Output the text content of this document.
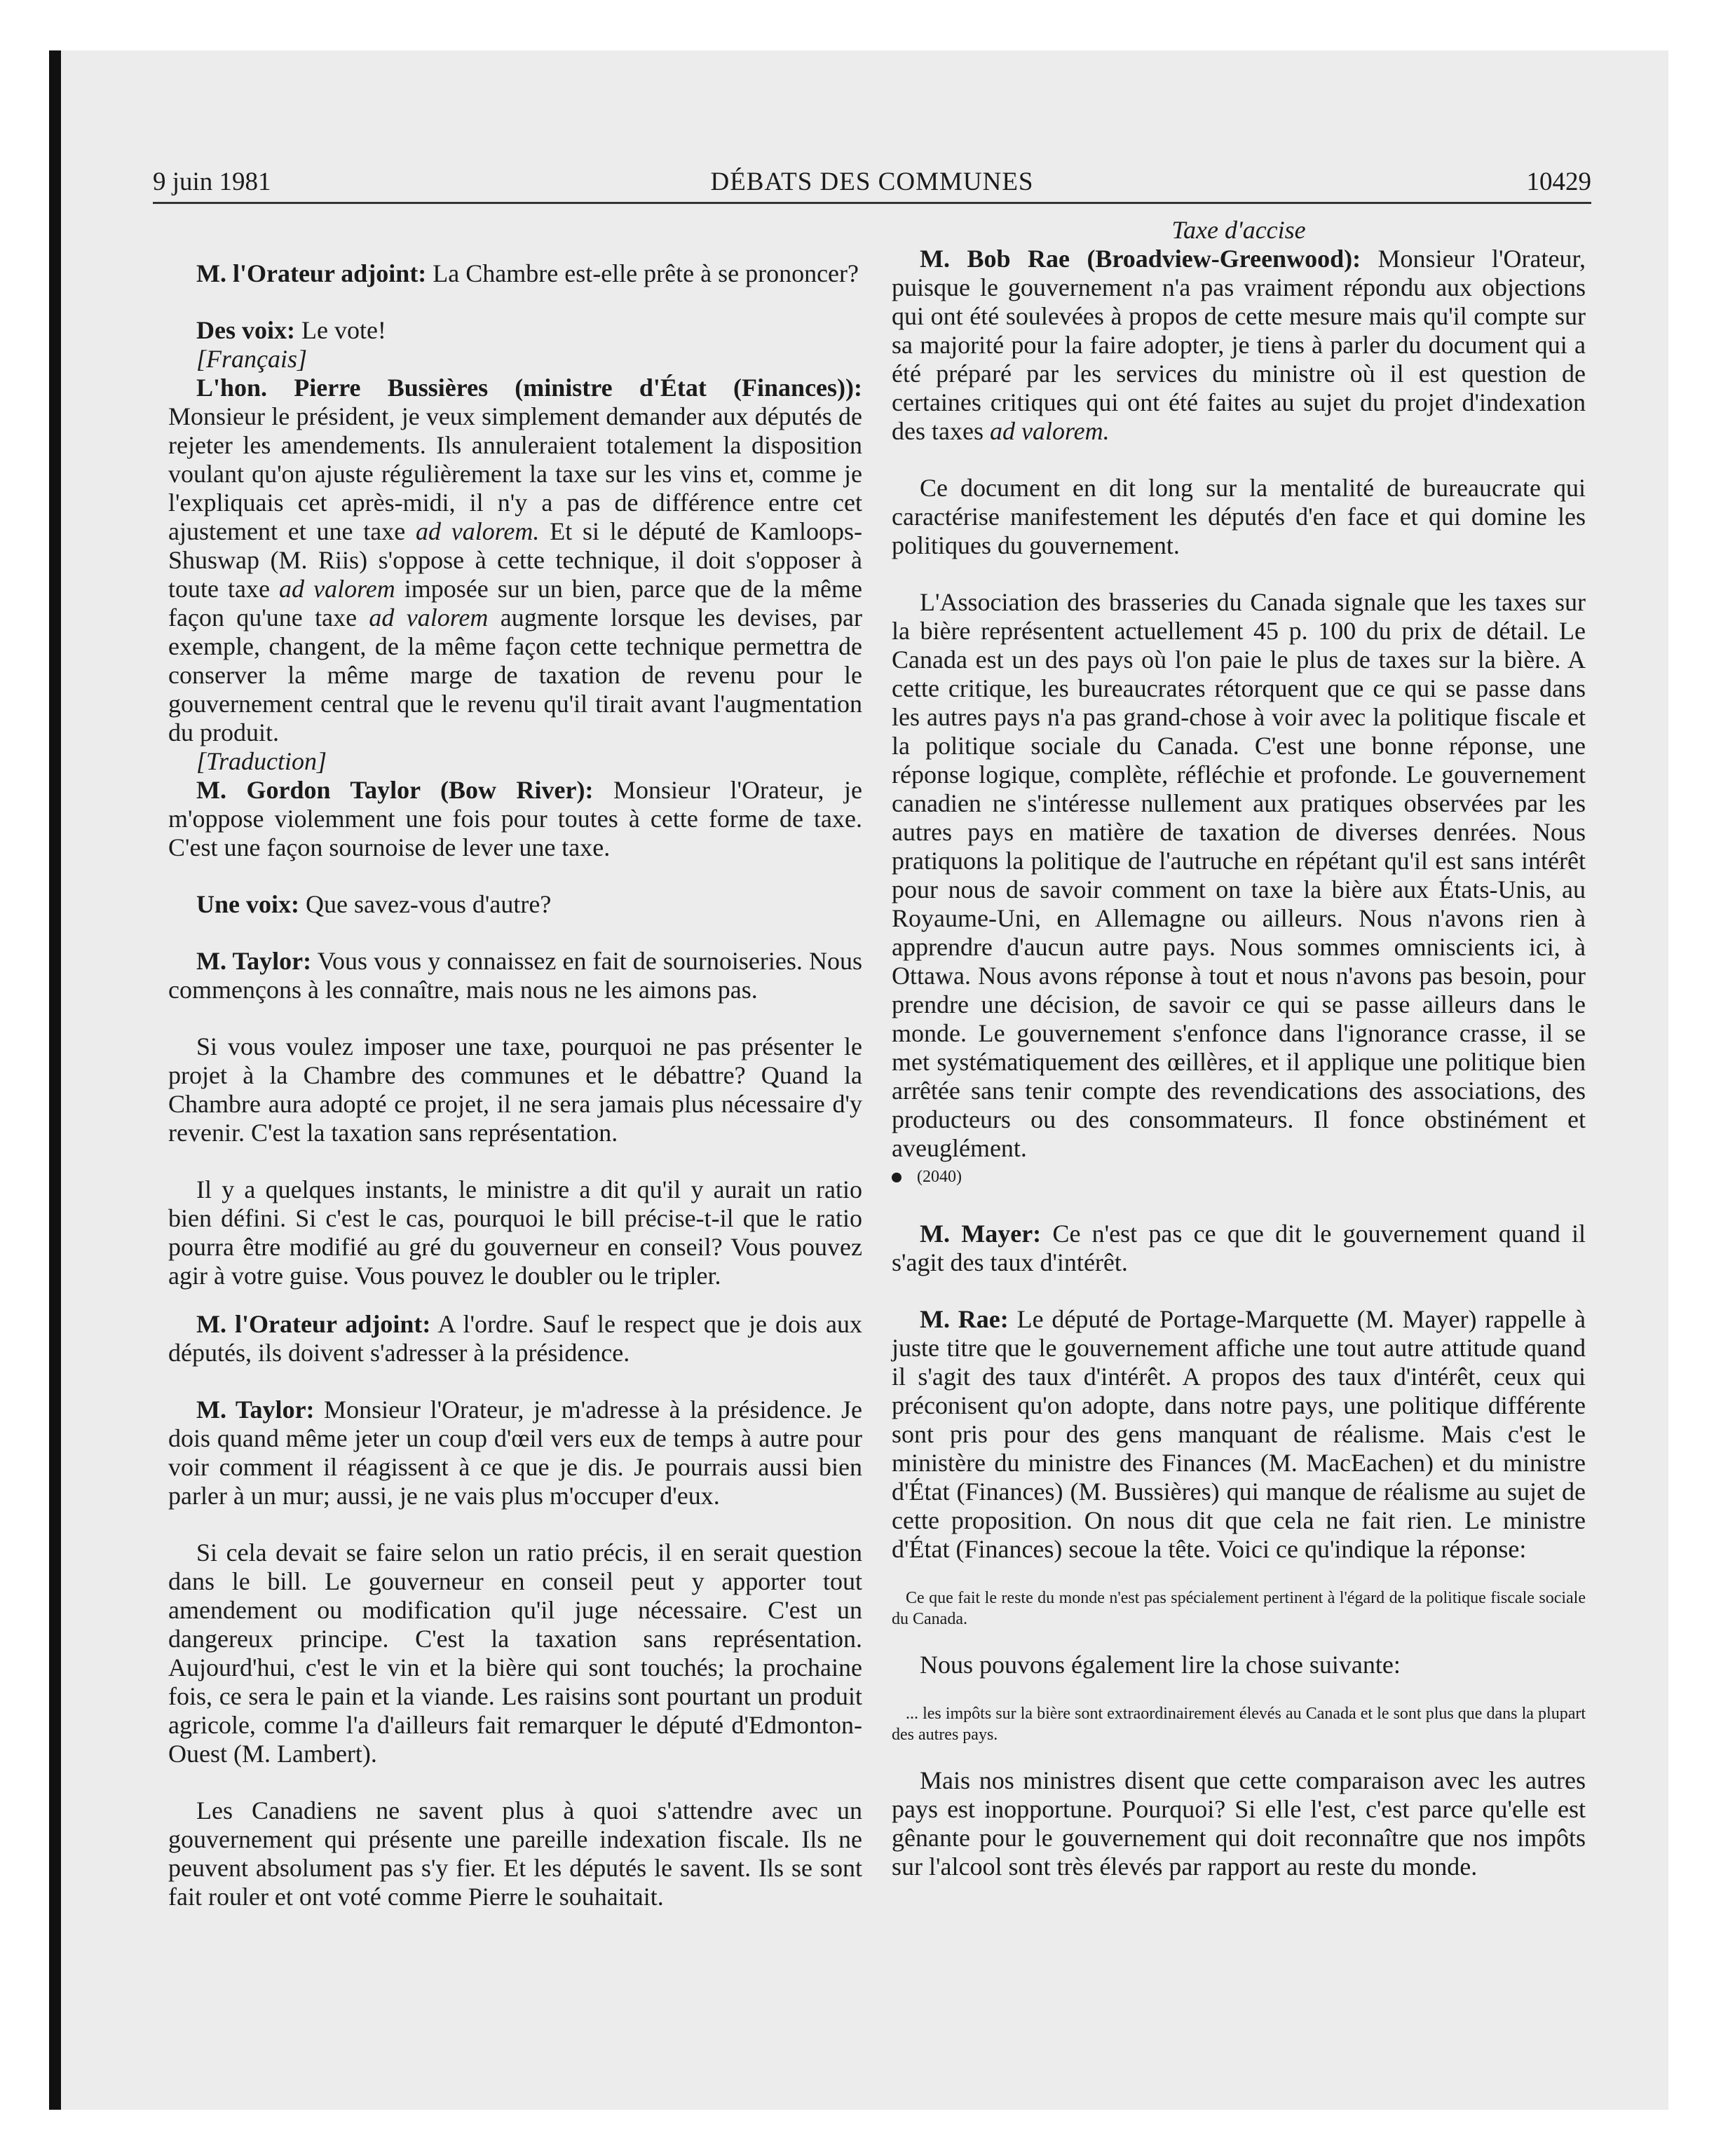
9 juin 1981	DÉBATS DES COMMUNES	10429

M. l'Orateur adjoint: La Chambre est-elle prête à se prononcer?

Des voix: Le vote!

[Français]

L'hon. Pierre Bussières (ministre d'État (Finances)): Monsieur le président, je veux simplement demander aux députés de rejeter les amendements. Ils annuleraient totalement la disposition voulant qu'on ajuste régulièrement la taxe sur les vins et, comme je l'expliquais cet après-midi, il n'y a pas de différence entre cet ajustement et une taxe ad valorem. Et si le député de Kamloops-Shuswap (M. Riis) s'oppose à cette technique, il doit s'opposer à toute taxe ad valorem imposée sur un bien, parce que de la même façon qu'une taxe ad valorem augmente lorsque les devises, par exemple, changent, de la même façon cette technique permettra de conserver la même marge de taxation de revenu pour le gouvernement central que le revenu qu'il tirait avant l'augmentation du produit.

[Traduction]

M. Gordon Taylor (Bow River): Monsieur l'Orateur, je m'oppose violemment une fois pour toutes à cette forme de taxe. C'est une façon sournoise de lever une taxe.

Une voix: Que savez-vous d'autre?

M. Taylor: Vous vous y connaissez en fait de sournoiseries. Nous commençons à les connaître, mais nous ne les aimons pas.

Si vous voulez imposer une taxe, pourquoi ne pas présenter le projet à la Chambre des communes et le débattre? Quand la Chambre aura adopté ce projet, il ne sera jamais plus nécessaire d'y revenir. C'est la taxation sans représentation.

Il y a quelques instants, le ministre a dit qu'il y aurait un ratio bien défini. Si c'est le cas, pourquoi le bill précise-t-il que le ratio pourra être modifié au gré du gouverneur en conseil? Vous pouvez agir à votre guise. Vous pouvez le doubler ou le tripler.

M. l'Orateur adjoint: A l'ordre. Sauf le respect que je dois aux députés, ils doivent s'adresser à la présidence.

M. Taylor: Monsieur l'Orateur, je m'adresse à la présidence. Je dois quand même jeter un coup d'œil vers eux de temps à autre pour voir comment il réagissent à ce que je dis. Je pourrais aussi bien parler à un mur; aussi, je ne vais plus m'occuper d'eux.

Si cela devait se faire selon un ratio précis, il en serait question dans le bill. Le gouverneur en conseil peut y apporter tout amendement ou modification qu'il juge nécessaire. C'est un dangereux principe. C'est la taxation sans représentation. Aujourd'hui, c'est le vin et la bière qui sont touchés; la prochaine fois, ce sera le pain et la viande. Les raisins sont pourtant un produit agricole, comme l'a d'ailleurs fait remarquer le député d'Edmonton-Ouest (M. Lambert).

Les Canadiens ne savent plus à quoi s'attendre avec un gouvernement qui présente une pareille indexation fiscale. Ils ne peuvent absolument pas s'y fier. Et les députés le savent. Ils se sont fait rouler et ont voté comme Pierre le souhaitait.

Taxe d'accise

M. Bob Rae (Broadview-Greenwood): Monsieur l'Orateur, puisque le gouvernement n'a pas vraiment répondu aux objections qui ont été soulevées à propos de cette mesure mais qu'il compte sur sa majorité pour la faire adopter, je tiens à parler du document qui a été préparé par les services du ministre où il est question de certaines critiques qui ont été faites au sujet du projet d'indexation des taxes ad valorem.

Ce document en dit long sur la mentalité de bureaucrate qui caractérise manifestement les députés d'en face et qui domine les politiques du gouvernement.

L'Association des brasseries du Canada signale que les taxes sur la bière représentent actuellement 45 p. 100 du prix de détail. Le Canada est un des pays où l'on paie le plus de taxes sur la bière. A cette critique, les bureaucrates rétorquent que ce qui se passe dans les autres pays n'a pas grand-chose à voir avec la politique fiscale et la politique sociale du Canada. C'est une bonne réponse, une réponse logique, complète, réfléchie et profonde. Le gouvernement canadien ne s'intéresse nullement aux pratiques observées par les autres pays en matière de taxation de diverses denrées. Nous pratiquons la politique de l'autruche en répétant qu'il est sans intérêt pour nous de savoir comment on taxe la bière aux États-Unis, au Royaume-Uni, en Allemagne ou ailleurs. Nous n'avons rien à apprendre d'aucun autre pays. Nous sommes omniscients ici, à Ottawa. Nous avons réponse à tout et nous n'avons pas besoin, pour prendre une décision, de savoir ce qui se passe ailleurs dans le monde. Le gouvernement s'enfonce dans l'ignorance crasse, il se met systématiquement des œillères, et il applique une politique bien arrêtée sans tenir compte des revendications des associations, des producteurs ou des consommateurs. Il fonce obstinément et aveuglément.

(2040)

M. Mayer: Ce n'est pas ce que dit le gouvernement quand il s'agit des taux d'intérêt.

M. Rae: Le député de Portage-Marquette (M. Mayer) rappelle à juste titre que le gouvernement affiche une tout autre attitude quand il s'agit des taux d'intérêt. A propos des taux d'intérêt, ceux qui préconisent qu'on adopte, dans notre pays, une politique différente sont pris pour des gens manquant de réalisme. Mais c'est le ministère du ministre des Finances (M. MacEachen) et du ministre d'État (Finances) (M. Bussières) qui manque de réalisme au sujet de cette proposition. On nous dit que cela ne fait rien. Le ministre d'État (Finances) secoue la tête. Voici ce qu'indique la réponse:

Ce que fait le reste du monde n'est pas spécialement pertinent à l'égard de la politique fiscale sociale du Canada.

Nous pouvons également lire la chose suivante:

... les impôts sur la bière sont extraordinairement élevés au Canada et le sont plus que dans la plupart des autres pays.

Mais nos ministres disent que cette comparaison avec les autres pays est inopportune. Pourquoi? Si elle l'est, c'est parce qu'elle est gênante pour le gouvernement qui doit reconnaître que nos impôts sur l'alcool sont très élevés par rapport au reste du monde.
